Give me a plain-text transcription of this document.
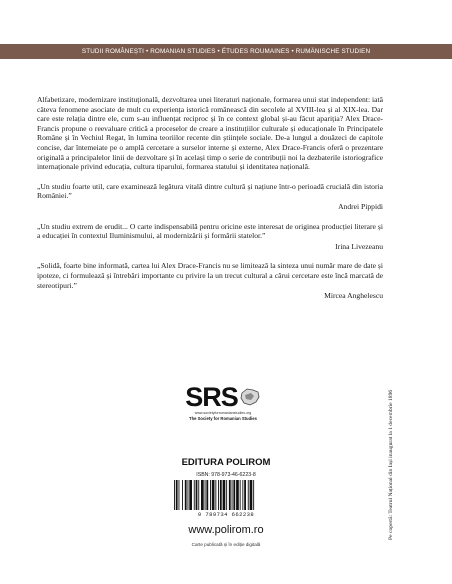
STUDII ROMÂNEȘTI • ROMANIAN STUDIES • ÉTUDES ROUMAINES • RUMÄNISCHE STUDIEN

Alfabetizare, modernizare instituțională, dezvoltarea unei literaturi naționale, formarea unui stat independent: iată câteva fenomene asociate de mult cu experiența istorică românească din secolele al XVIII-lea și al XIX-lea. Dar care este relația dintre ele, cum s-au influențat reciproc și în ce context global și-au făcut apariția? Alex Drace-Francis propune o reevaluare critică a proceselor de creare a instituțiilor culturale și educaționale în Principatele Române și în Vechiul Regat, în lumina teoriilor recente din științele sociale. De-a lungul a douăzeci de capitole concise, dar întemeiate pe o amplă cercetare a surselor interne și externe, Alex Drace-Francis oferă o prezentare originală a principalelor linii de dezvoltare și în același timp o serie de contribuții noi la dezbaterile istoriografice internaționale privind educația, cultura tiparului, formarea statului și identitatea națională.

„Un studiu foarte util, care examinează legătura vitală dintre cultură și națiune într-o perioadă crucială din istoria României.”

Andrei Pippidi

„Un studiu extrem de erudit... O carte indispensabilă pentru oricine este interesat de originea producției literare și a educației în contextul Iluminismului, al modernizării și formării statelor.”

Irina Livezeanu

„Solidă, foarte bine informată, cartea lui Alex Drace-Francis nu se limitează la sinteza unui număr mare de date și ipoteze, ci formulează și întrebări importante cu privire la un trecut cultural a cărui cercetare este încă marcată de stereotipuri.”

Mircea Anghelescu
SRS
www.societyforromanianstudies.org
The Society for Romanian Studies
EDITURA POLIROM
ISBN: 978-973-46-6223-8
9 789734 662238
www.polirom.ro
Carte publicată și în ediție digitală
Pe copertă: Teatrul Național din Iași inaugurat la 1 decembrie 1896
